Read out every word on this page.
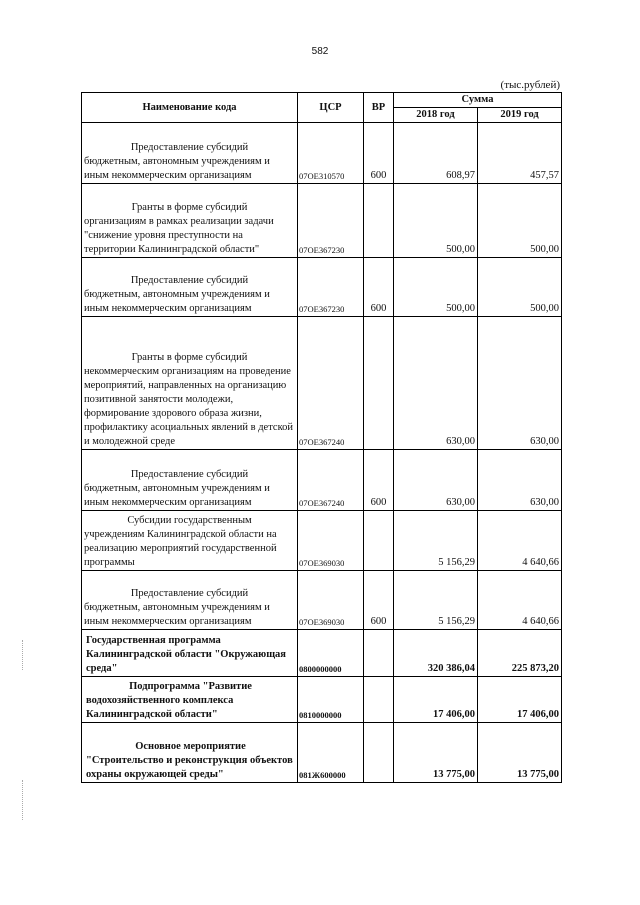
582
(тыс.рублей)
Наименование кода	ЦСР	ВР	Сумма	
			2018 год	2019 год

Предоставление субсидий
бюджетным, автономным учреждениям и иным некоммерческим организациям	07ОЕ310570	600	608,97	457,57

Гранты в форме субсидий
организациям в рамках реализации задачи "снижение уровня преступности на территории Калининградской области"	07ОЕ367230		500,00	500,00

Предоставление субсидий
бюджетным, автономным учреждениям и иным некоммерческим организациям	07ОЕ367230	600	500,00	500,00

Гранты в форме субсидий
некоммерческим организациям на проведение мероприятий, направленных на организацию позитивной занятости молодежи, формирование здорового образа жизни, профилактику асоциальных явлений в детской и молодежной среде	07ОЕ367240		630,00	630,00

Предоставление субсидий
бюджетным, автономным учреждениям и иным некоммерческим организациям	07ОЕ367240	600	630,00	630,00

Субсидии государственным
учреждениям Калининградской области на реализацию мероприятий государственной программы	07ОЕ369030		5 156,29	4 640,66

Предоставление субсидий
бюджетным, автономным учреждениям и иным некоммерческим организациям	07ОЕ369030	600	5 156,29	4 640,66
Государственная программа Калининградской области "Окружающая среда"	0800000000		320 386,04	225 873,20

Подпрограмма "Развитие
водохозяйственного комплекса Калининградской области"	0810000000		17 406,00	17 406,00

Основное мероприятие
"Строительство и реконструкция объектов охраны окружающей среды"	081Ж600000		13 775,00	13 775,00
